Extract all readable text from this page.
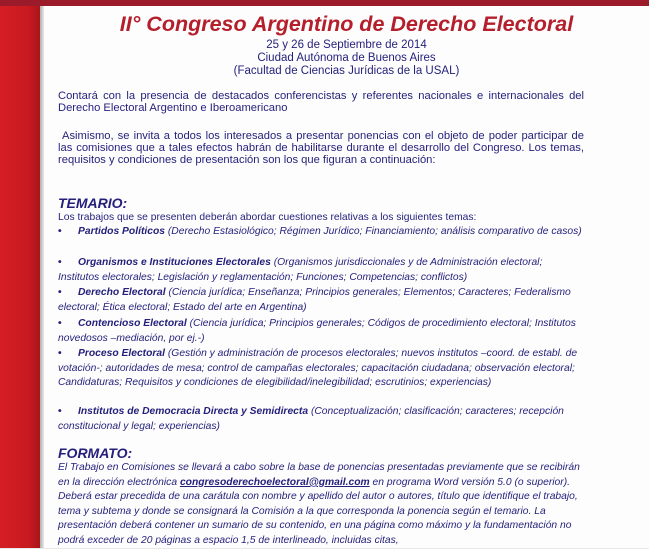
II° Congreso Argentino de Derecho Electoral
25 y 26 de Septiembre de 2014
Ciudad Autónoma de Buenos Aires
(Facultad de Ciencias Jurídicas de la USAL)

Contará con la presencia de destacados conferencistas y referentes nacionales e internacionales del Derecho Electoral Argentino e Iberoamericano

Asimismo, se invita a todos los interesados a presentar ponencias con el objeto de poder participar de las comisiones que a tales efectos habrán de habilitarse durante el desarrollo del Congreso. Los temas, requisitos y condiciones de presentación son los que figuran a continuación:

TEMARIO:

Los trabajos que se presenten deberán abordar cuestiones relativas a los siguientes temas:

• Partidos Políticos (Derecho Estasiológico; Régimen Jurídico; Financiamiento; análisis comparativo de casos)

• Organismos e Instituciones Electorales (Organismos jurisdiccionales y de Administración electoral; Institutos electorales; Legislación y reglamentación; Funciones; Competencias; conflictos)

• Derecho Electoral (Ciencia jurídica; Enseñanza; Principios generales; Elementos; Caracteres; Federalismo electoral; Ética electoral; Estado del arte en Argentina)

• Contencioso Electoral (Ciencia jurídica; Principios generales; Códigos de procedimiento electoral; Institutos novedosos –mediación, por ej.-)

• Proceso Electoral (Gestión y administración de procesos electorales; nuevos institutos –coord. de establ. de votación-; autoridades de mesa; control de campañas electorales; capacitación ciudadana; observación electoral; Candidaturas; Requisitos y condiciones de elegibilidad/inelegibilidad; escrutinios; experiencias)

• Institutos de Democracia Directa y Semidirecta (Conceptualización; clasificación; caracteres; recepción constitucional y legal; experiencias)

FORMATO:

El Trabajo en Comisiones se llevará a cabo sobre la base de ponencias presentadas previamente que se recibirán en la dirección electrónica congresoderechoelectoral@gmail.com en programa Word versión 5.0 (o superior). Deberá estar precedida de una carátula con nombre y apellido del autor o autores, título que identifique el trabajo, tema y subtema y donde se consignará la Comisión a la que corresponda la ponencia según el temario. La presentación deberá contener un sumario de su contenido, en una página como máximo y la fundamentación no podrá exceder de 20 páginas a espacio 1,5 de interlineado, incluidas citas,
